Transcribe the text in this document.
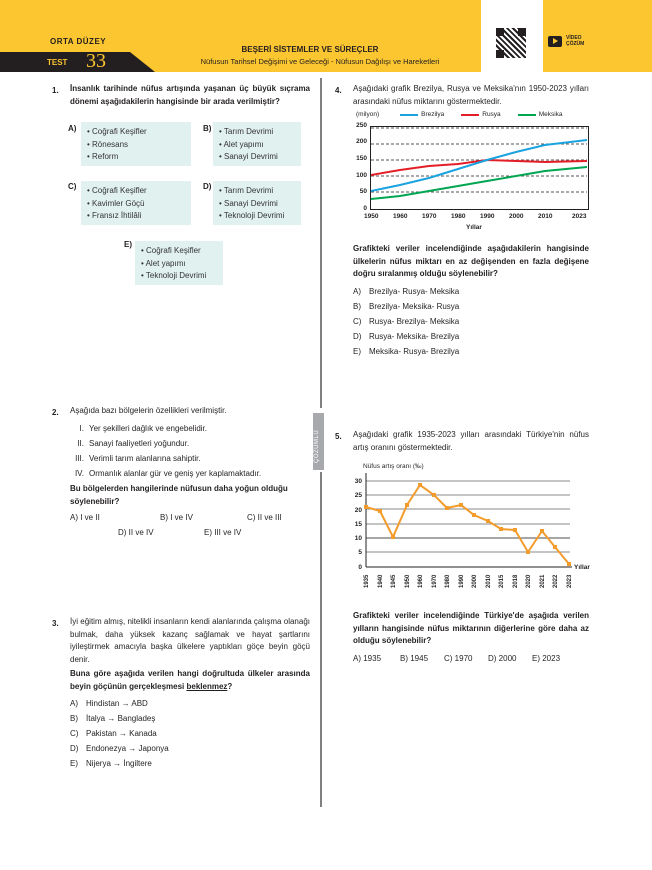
ORTA DÜZEY
TEST 33
BEŞERİ SİSTEMLER VE SÜREÇLER
Nüfusun Tarihsel Değişimi ve Geleceği - Nüfusun Dağılışı ve Hareketleri
VİDEO
ÇÖZÜM
ÇÖZÜMLÜ
1. İnsanlık tarihinde nüfus artışında yaşanan üç büyük sıçrama dönemi aşağıdakilerin hangisinde bir arada verilmiştir?
A) • Coğrafi Keşifler
• Rönesans
• Reform
B) • Tarım Devrimi
• Alet yapımı
• Sanayi Devrimi
C) • Coğrafi Keşifler
• Kavimler Göçü
• Fransız İhtilâli
D) • Tarım Devrimi
• Sanayi Devrimi
• Teknoloji Devrimi
E)
• Coğrafi Keşifler
• Alet yapımı
• Teknoloji Devrimi
2. Aşağıda bazı bölgelerin özellikleri verilmiştir.
I. Yer şekilleri dağlık ve engebelidir.
II. Sanayi faaliyetleri yoğundur.
III. Verimli tarım alanlarına sahiptir.
IV. Ormanlık alanlar gür ve geniş yer kaplamaktadır.
Bu bölgelerden hangilerinde nüfusun daha yoğun olduğu söylenebilir?
A) I ve II	B) I ve IV	C) II ve III
D) II ve IV	E) III ve IV
3. İyi eğitim almış, nitelikli insanların kendi alanlarında çalışma olanağı bulmak, daha yüksek kazanç sağlamak ve hayat şartlarını iyileştirmek amacıyla başka ülkelere yaptıkları göçe beyin göçü denir.
Buna göre aşağıda verilen hangi doğrultuda ülkeler arasında beyin göçünün gerçekleşmesi beklenmez?
A) Hindistan → ABD
B) İtalya → Bangladeş
C) Pakistan → Kanada
D) Endonezya → Japonya
E) Nijerya → İngiltere
4. Aşağıdaki grafik Brezilya, Rusya ve Meksika'nın 1950-2023 yılları arasındaki nüfus miktarını göstermektedir.
(milyon)	Brezilya	Rusya	Meksika
250
200
150
100
50
0
1950 1960 1970 1980 1990 2000 2010	2023
Yıllar
Grafikteki veriler incelendiğinde aşağıdakilerin hangisinde ülkelerin nüfus miktarı en az değişenden en fazla değişene doğru sıralanmış olduğu söylenebilir?
A) Brezilya- Rusya- Meksika
B) Brezilya- Meksika- Rusya
C) Rusya- Brezilya- Meksika
D) Rusya- Meksika- Brezilya
E) Meksika- Rusya- Brezilya
5. Aşağıdaki grafik 1935-2023 yılları arasındaki Türkiye'nin nüfus artış oranını göstermektedir.
Nüfus artış oranı (‰)
30
25
20
15
10
5
0	Yıllar
1935 1940 1945 1950 1960 1970 1980 1990 2000 2010 2015 2018 2020 2021 2022 2023
Grafikteki veriler incelendiğinde Türkiye'de aşağıda verilen yılların hangisinde nüfus miktarının diğerlerine göre daha az olduğu söylenebilir?
A) 1935 B) 1945 C) 1970 D) 2000 E) 2023
